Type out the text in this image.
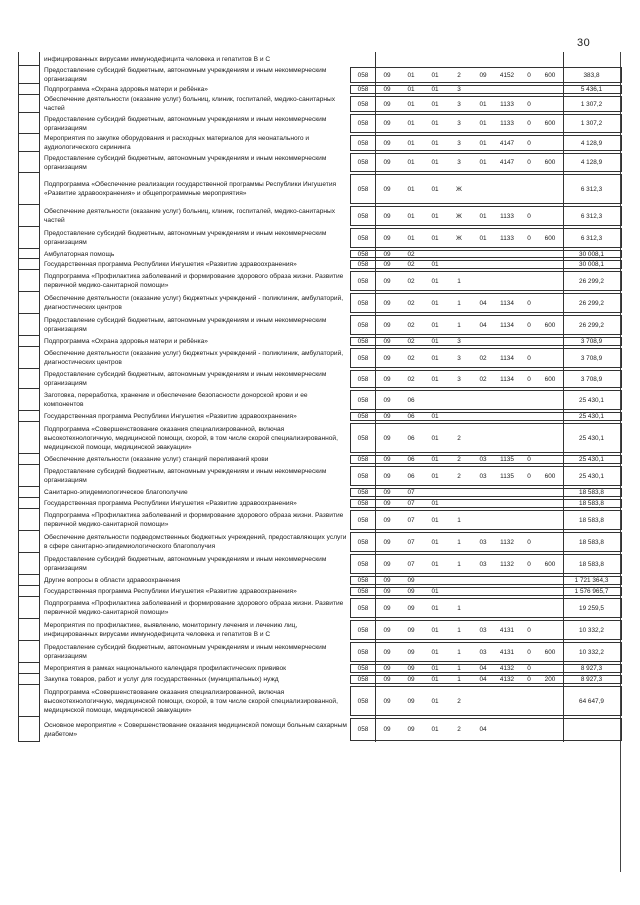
30
инфицированных вирусами иммунодефицита человека и гепатитов В и С
Предоставление субсидий бюджетным, автономным учреждениям и иным некоммерческим организациям
058	09	01	01	2	09	4152	0	600	383,8
Подпрограмма «Охрана здоровья матери и ребёнка»	058	09	01	01	3	5 436,1
Обеспечение деятельности (оказание услуг) больниц, клиник, госпиталей, медико-санитарных частей
058	09	01	01	3	01	1133	0	1 307,2
Предоставление субсидий бюджетным, автономным учреждениям и иным некоммерческим организациям
058	09	01	01	3	01	1133	0	600	1 307,2
Мероприятия по закупке оборудования и расходных материалов для неонатального и аудиологического скрининга
058	09	01	01	3	01	4147	0	4 128,9
Предоставление субсидий бюджетным, автономным учреждениям и иным некоммерческим организациям
058	09	01	01	3	01	4147	0	600	4 128,9
Подпрограмма «Обеспечение реализации государственной программы Республики Ингушетия «Развитие здравоохранения» и общепрограммные мероприятия»
058	09	01	01	Ж	6 312,3
Обеспечение деятельности (оказание услуг) больниц, клиник, госпиталей, медико-санитарных частей
058	09	01	01	Ж	01	1133	0	6 312,3
Предоставление субсидий бюджетным, автономным учреждениям и иным некоммерческим организациям
058	09	01	01	Ж	01	1133	0	600	6 312,3
Амбулаторная помощь	058	09	02	30 008,1
Государственная программа Республики Ингушетия «Развитие здравоохранения»	058	09	02	01	30 008,1
Подпрограмма «Профилактика заболеваний и формирование здорового образа жизни. Развитие первичной медико-санитарной помощи»
058	09	02	01	1	26 299,2
Обеспечение деятельности (оказание услуг) бюджетных учреждений - поликлиник, амбулаторий, диагностических центров
058	09	02	01	1	04	1134	0	26 299,2
Предоставление субсидий бюджетным, автономным учреждениям и иным некоммерческим организациям
058	09	02	01	1	04	1134	0	600	26 299,2
Подпрограмма «Охрана здоровья матери и ребёнка»	058	09	02	01	3	3 708,9
Обеспечение деятельности (оказание услуг) бюджетных учреждений - поликлиник, амбулаторий, диагностических центров
058	09	02	01	3	02	1134	0	3 708,9
Предоставление субсидий бюджетным, автономным учреждениям и иным некоммерческим организациям
058	09	02	01	3	02	1134	0	600	3 708,9
Заготовка, переработка, хранение и обеспечение безопасности донорской крови и ее компонентов
058	09	06	25 430,1
Государственная программа Республики Ингушетия «Развитие здравоохранения»	058	09	06	01	25 430,1
Подпрограмма «Совершенствование оказания специализированной, включая высокотехнологичную, медицинской помощи, скорой, в том числе скорой специализированной, медицинской помощи, медицинской эвакуации»
058	09	06	01	2	25 430,1
Обеспечение деятельности (оказание услуг) станций переливаний крови	058	09	06	01	2	03	1135	0	25 430,1
Предоставление субсидий бюджетным, автономным учреждениям и иным некоммерческим организациям
058	09	06	01	2	03	1135	0	600	25 430,1
Санитарно-эпидемиологическое благополучие	058	09	07	18 583,8
Государственная программа Республики Ингушетия «Развитие здравоохранения»	058	09	07	01	18 583,8
Подпрограмма «Профилактика заболеваний и формирование здорового образа жизни. Развитие первичной медико-санитарной помощи»
058	09	07	01	1	18 583,8
Обеспечение деятельности подведомственных бюджетных учреждений, предоставляющих услуги в сфере санитарно-эпидемиологического благополучия
058	09	07	01	1	03	1132	0	18 583,8
Предоставление субсидий бюджетным, автономным учреждениям и иным некоммерческим организациям
058	09	07	01	1	03	1132	0	600	18 583,8
Другие вопросы в области здравоохранения	058	09	09	1 721 364,3
Государственная программа Республики Ингушетия «Развитие здравоохранения»	058	09	09	01	1 576 965,7
Подпрограмма «Профилактика заболеваний и формирование здорового образа жизни. Развитие первичной медико-санитарной помощи»
058	09	09	01	1	19 259,5
Мероприятия по профилактике, выявлению, мониторингу лечения и лечению лиц, инфицированных вирусами иммунодефицита человека и гепатитов В и С
058	09	09	01	1	03	4131	0	10 332,2
Предоставление субсидий бюджетным, автономным учреждениям и иным некоммерческим организациям
058	09	09	01	1	03	4131	0	600	10 332,2
Мероприятия в рамках национального календаря профилактических прививок	058	09	09	01	1	04	4132	0	8 927,3
Закупка товаров, работ и услуг для государственных (муниципальных) нужд	058	09	09	01	1	04	4132	0	200	8 927,3
Подпрограмма «Совершенствование оказания специализированной, включая высокотехнологичную, медицинской помощи, скорой, в том числе скорой специализированной, медицинской помощи, медицинской эвакуации»
058	09	09	01	2	64 647,9
Основное мероприятие « Совершенствование оказания медицинской помощи больным сахарным диабетом»
058	09	09	01	2	04
